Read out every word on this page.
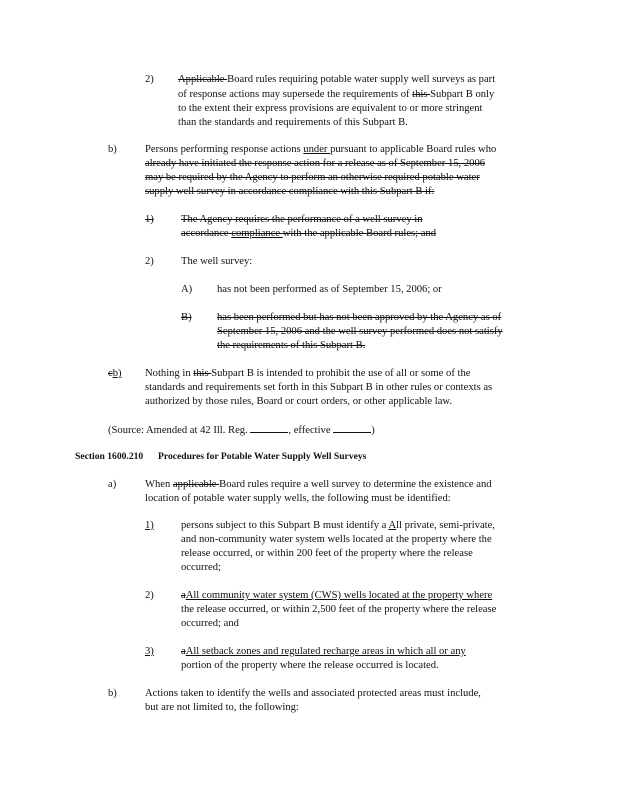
2) Applicable Board rules requiring potable water supply well surveys as part
of response actions may supersede the requirements of this Subpart B only
to the extent their express provisions are equivalent to or more stringent
than the standards and requirements of this Subpart B.
b)	Persons performing response actions under pursuant to applicable Board rules who
already have initiated the response action for a release as of September 15, 2006
may be required by the Agency to perform an otherwise required potable water
supply well survey in accordance compliance with this Subpart B if:
1)	The Agency requires the performance of a well survey in
accordance compliance with the applicable Board rules; and
2)	The well survey:
A) has not been performed as of September 15, 2006; or
B) has been performed but has not been approved by the Agency as of
September 15, 2006 and the well survey performed does not satisfy
the requirements of this Subpart B.
cb) Nothing in this Subpart B is intended to prohibit the use of all or some of the
standards and requirements set forth in this Subpart B in other rules or contexts as
authorized by those rules, Board or court orders, or other applicable law.
(Source: Amended at 42 Ill. Reg.	, effective	)
Section 1600.210 Procedures for Potable Water Supply Well Surveys
a)	When applicable Board rules require a well survey to determine the existence and
location of potable water supply wells, the following must be identified:
1)	persons subject to this Subpart B must identify a All private, semi-private,
and non-community water system wells located at the property where the
release occurred, or within 200 feet of the property where the release
occurred;
2)	aAll community water system (CWS) wells located at the property where
the release occurred, or within 2,500 feet of the property where the release
occurred; and
3)	aAll setback zones and regulated recharge areas in which all or any
portion of the property where the release occurred is located.
b)	Actions taken to identify the wells and associated protected areas must include,
but are not limited to, the following:
